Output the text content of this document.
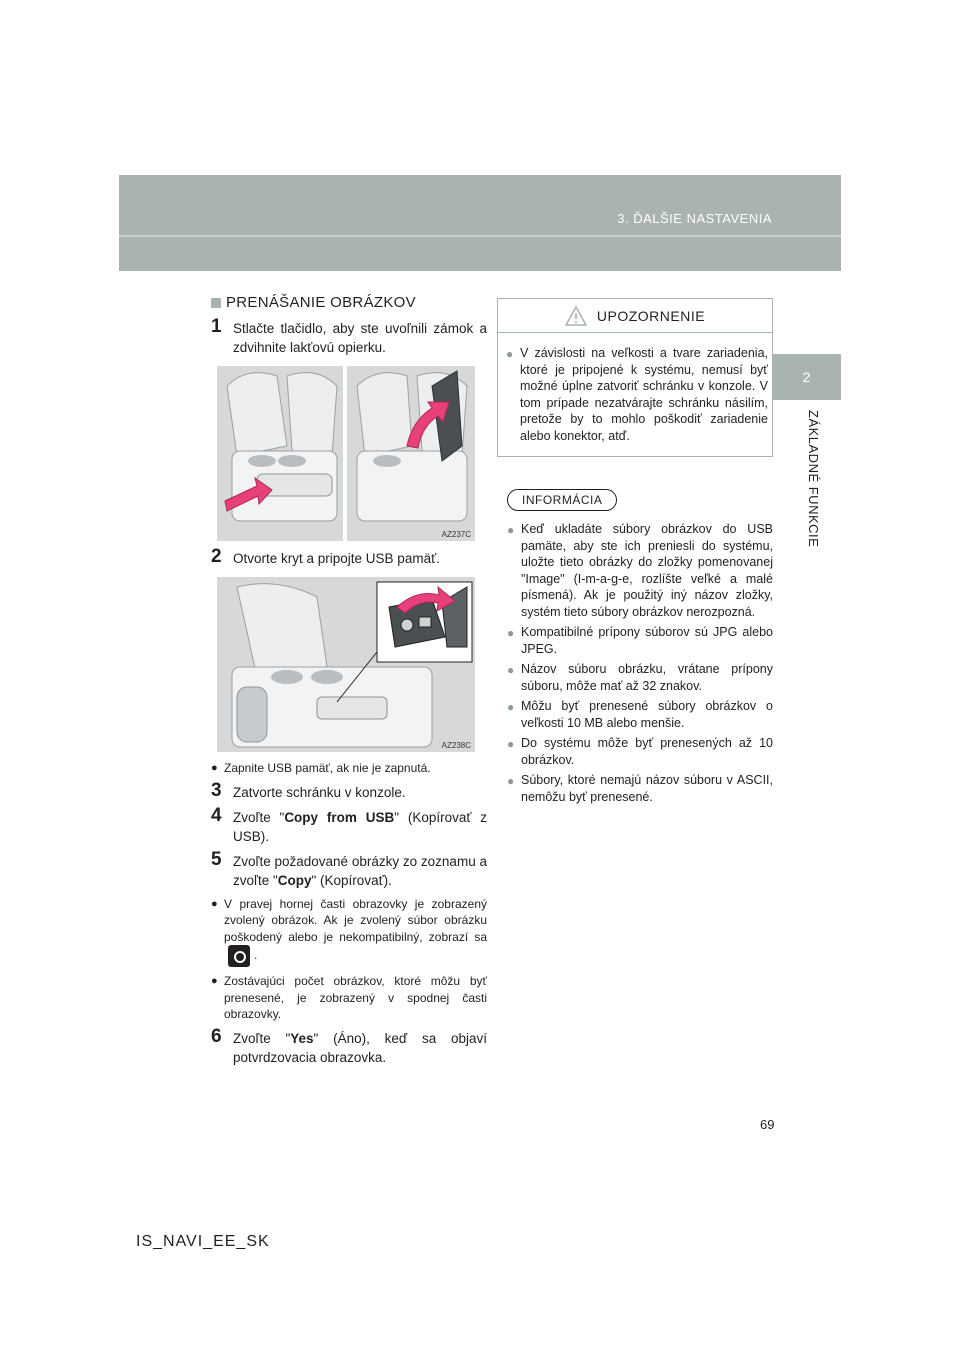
3. ĎALŠIE NASTAVENIA
2
ZÁKLADNÉ FUNKCIE
PRENÁŠANIE OBRÁZKOV
1 Stlačte tlačidlo, aby ste uvoľnili zámok a zdvihnite lakťovú opierku.
AZ237C
2 Otvorte kryt a pripojte USB pamäť.
AZ238C
● Zapnite USB pamäť, ak nie je zapnutá.
3 Zatvorte schránku v konzole.
4 Zvoľte "Copy from USB" (Kopírovať z USB).
5 Zvoľte požadované obrázky zo zoznamu a zvoľte "Copy" (Kopírovať).
● V pravej hornej časti obrazovky je zobrazený zvolený obrázok. Ak je zvolený súbor obrázku poškodený alebo je nekompatibilný, zobrazí sa.
● Zostávajúci počet obrázkov, ktoré môžu byť prenesené, je zobrazený v spodnej časti obrazovky.
6 Zvoľte "Yes" (Áno), keď sa objaví potvrdzovacia obrazovka.
UPOZORNENIE
● V závislosti na veľkosti a tvare zariadenia, ktoré je pripojené k systému, nemusí byť možné úplne zatvoriť schránku v konzole. V tom prípade nezatvárajte schránku násilím, pretože by to mohlo poškodiť zariadenie alebo konektor, atď.
INFORMÁCIA
● Keď ukladáte súbory obrázkov do USB pamäte, aby ste ich preniesli do systému, uložte tieto obrázky do zložky pomenovanej "Image" (I-m-a-g-e, rozlíšte veľké a malé písmená). Ak je použitý iný názov zložky, systém tieto súbory obrázkov nerozpozná.
● Kompatibilné prípony súborov sú JPG alebo JPEG.
● Názov súboru obrázku, vrátane prípony súboru, môže mať až 32 znakov.
● Môžu byť prenesené súbory obrázkov o veľkosti 10 MB alebo menšie.
● Do systému môže byť prenesených až 10 obrázkov.
● Súbory, ktoré nemajú názov súboru v ASCII, nemôžu byť prenesené.
69
IS_NAVI_EE_SK
